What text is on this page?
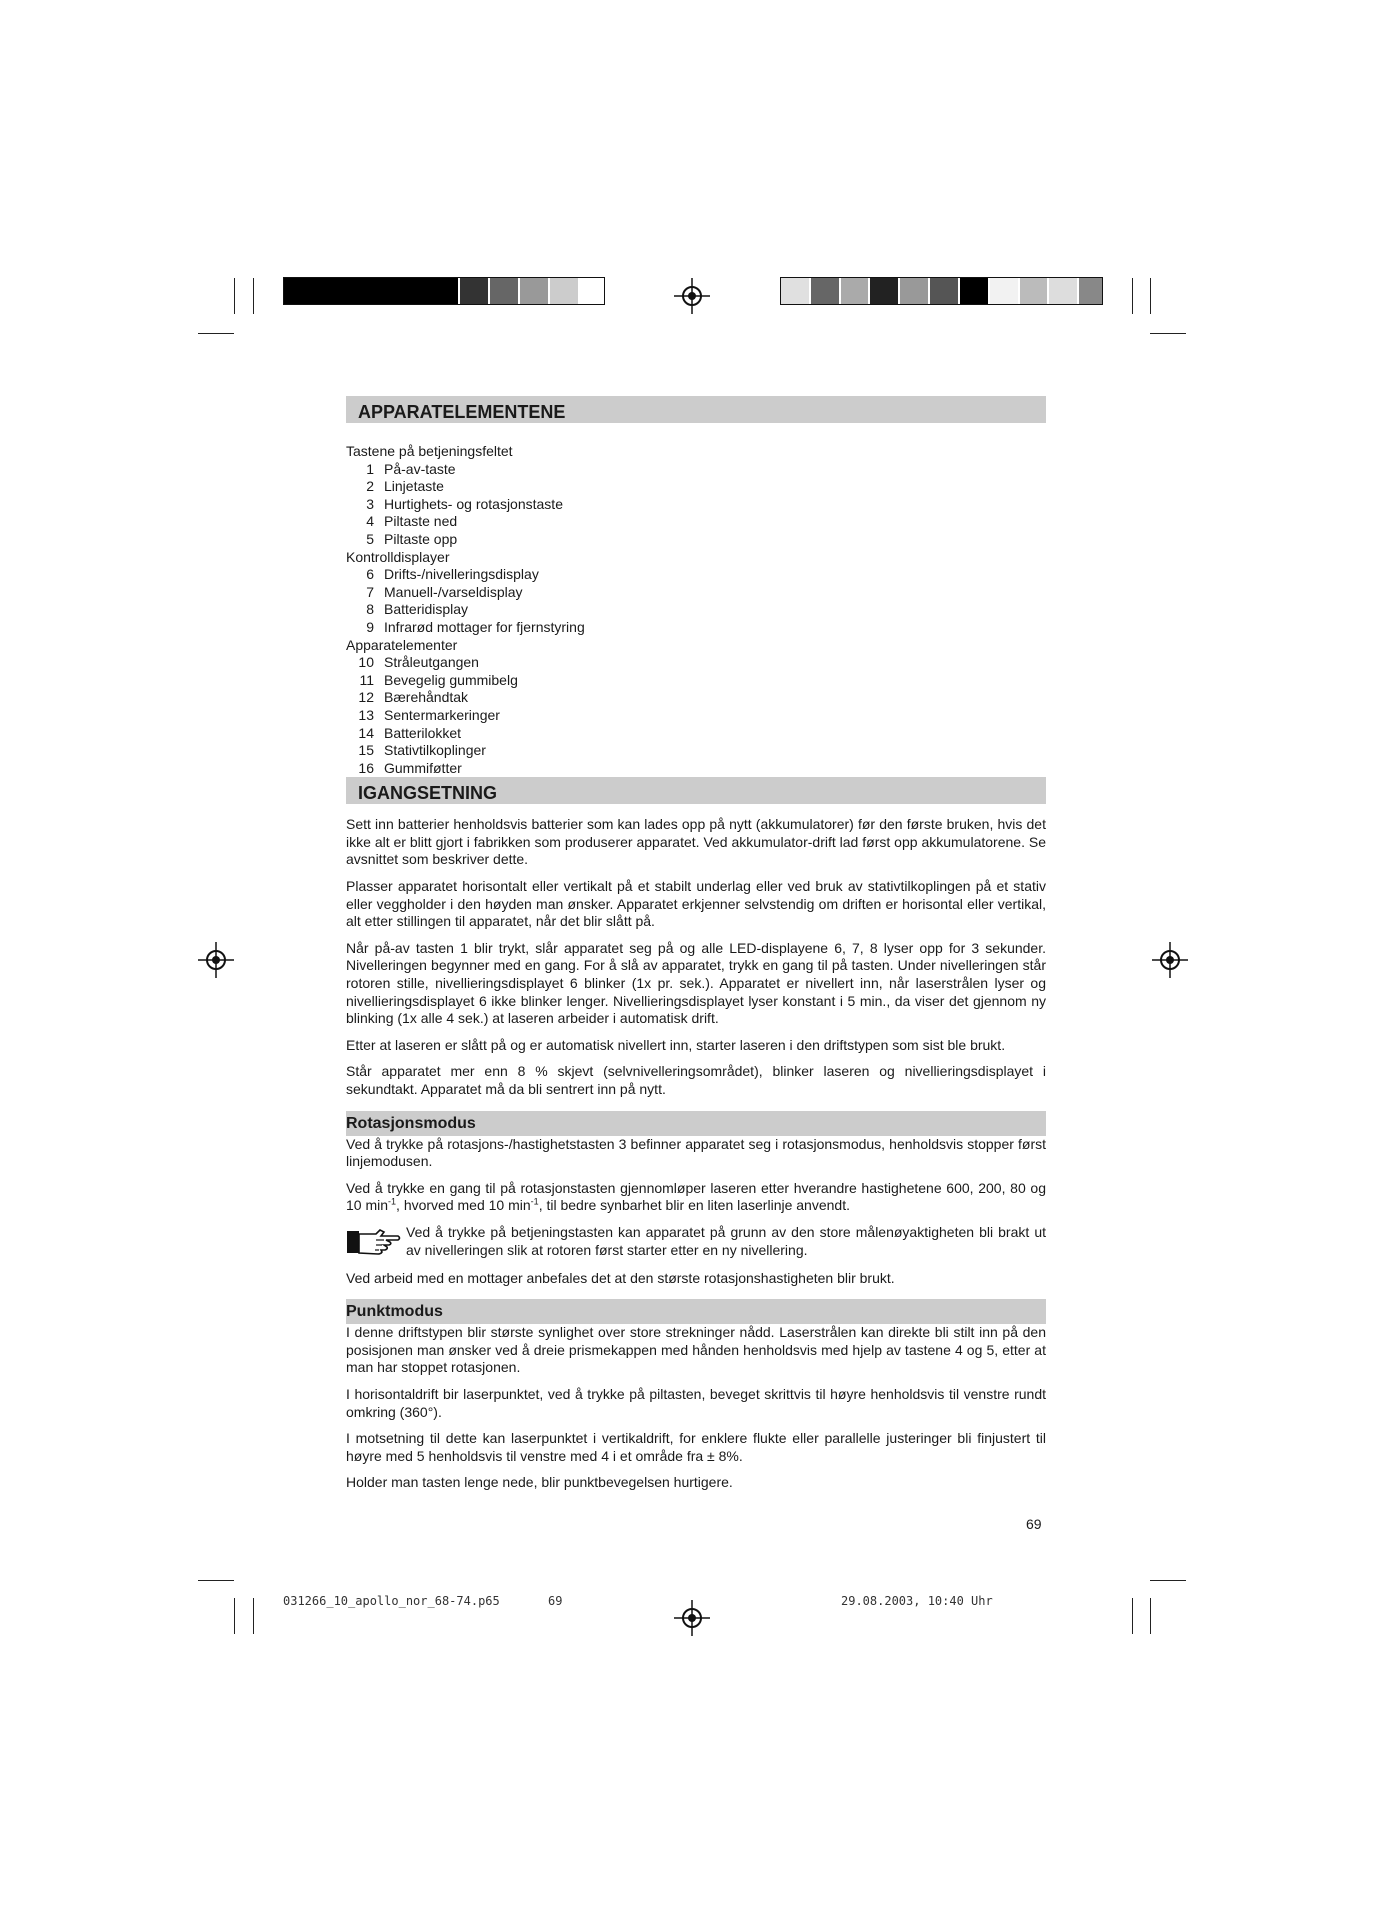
APPARATELEMENTENE
Tastene på betjeningsfeltet
1 På-av-taste
2 Linjetaste
3 Hurtighets- og rotasjonstaste
4 Piltaste ned
5 Piltaste opp
Kontrolldisplayer
6 Drifts-/nivelleringsdisplay
7 Manuell-/varseldisplay
8 Batteridisplay
9 Infrarød mottager for fjernstyring
Apparatelementer
10 Stråleutgangen
11 Bevegelig gummibelg
12 Bærehåndtak
13 Sentermarkeringer
14 Batterilokket
15 Stativtilkoplinger
16 Gummiføtter
IGANGSETNING

Sett inn batterier henholdsvis batterier som kan lades opp på nytt (akkumulatorer) før den første bruken, hvis det ikke alt er blitt gjort i fabrikken som produserer apparatet. Ved akkumulator-drift lad først opp akkumulatorene. Se avsnittet som beskriver dette.

Plasser apparatet horisontalt eller vertikalt på et stabilt underlag eller ved bruk av stativtilkoplingen på et stativ eller veggholder i den høyden man ønsker. Apparatet erkjenner selvstendig om driften er horisontal eller vertikal, alt etter stillingen til apparatet, når det blir slått på.

Når på-av tasten 1 blir trykt, slår apparatet seg på og alle LED-displayene 6, 7, 8 lyser opp for 3 sekunder. Nivelleringen begynner med en gang. For å slå av apparatet, trykk en gang til på tasten. Under nivelleringen står rotoren stille, nivellieringsdisplayet 6 blinker (1x pr. sek.). Apparatet er nivellert inn, når laserstrålen lyser og nivellieringsdisplayet 6 ikke blinker lenger. Nivellieringsdisplayet lyser konstant i 5 min., da viser det gjennom ny blinking (1x alle 4 sek.) at laseren arbeider i automatisk drift.

Etter at laseren er slått på og er automatisk nivellert inn, starter laseren i den driftstypen som sist ble brukt.

Står apparatet mer enn 8 % skjevt (selvnivelleringsområdet), blinker laseren og nivellieringsdisplayet i sekundtakt. Apparatet må da bli sentrert inn på nytt.

Rotasjonsmodus

Ved å trykke på rotasjons-/hastighetstasten 3 befinner apparatet seg i rotasjonsmodus, henholdsvis stopper først linjemodusen.

Ved å trykke en gang til på rotasjonstasten gjennomløper laseren etter hverandre hastighetene 600, 200, 80 og 10 $\min^{-1}$, hvorved med 10 $\min^{-1}$, til bedre synbarhet blir en liten laserlinje anvendt.

Ved å trykke på betjeningstasten kan apparatet på grunn av den store målenøyaktigheten bli brakt ut av nivelleringen slik at rotoren først starter etter en ny nivellering.

Ved arbeid med en mottager anbefales det at den største rotasjonshastigheten blir brukt.

Punktmodus

I denne driftstypen blir største synlighet over store strekninger nådd. Laserstrålen kan direkte bli stilt inn på den posisjonen man ønsker ved å dreie prismekappen med hånden henholdsvis med hjelp av tastene 4 og 5, etter at man har stoppet rotasjonen.

I horisontaldrift bir laserpunktet, ved å trykke på piltasten, beveget skrittvis til høyre henholdsvis til venstre rundt omkring (360°).

I motsetning til dette kan laserpunktet i vertikaldrift, for enklere flukte eller parallelle justeringer bli finjustert til høyre med 5 henholdsvis til venstre med 4 i et område fra ± 8%.

Holder man tasten lenge nede, blir punktbevegelsen hurtigere.

69
031266_10_apollo_nor_68-74.p65	69	29.08.2003, 10:40 Uhr
